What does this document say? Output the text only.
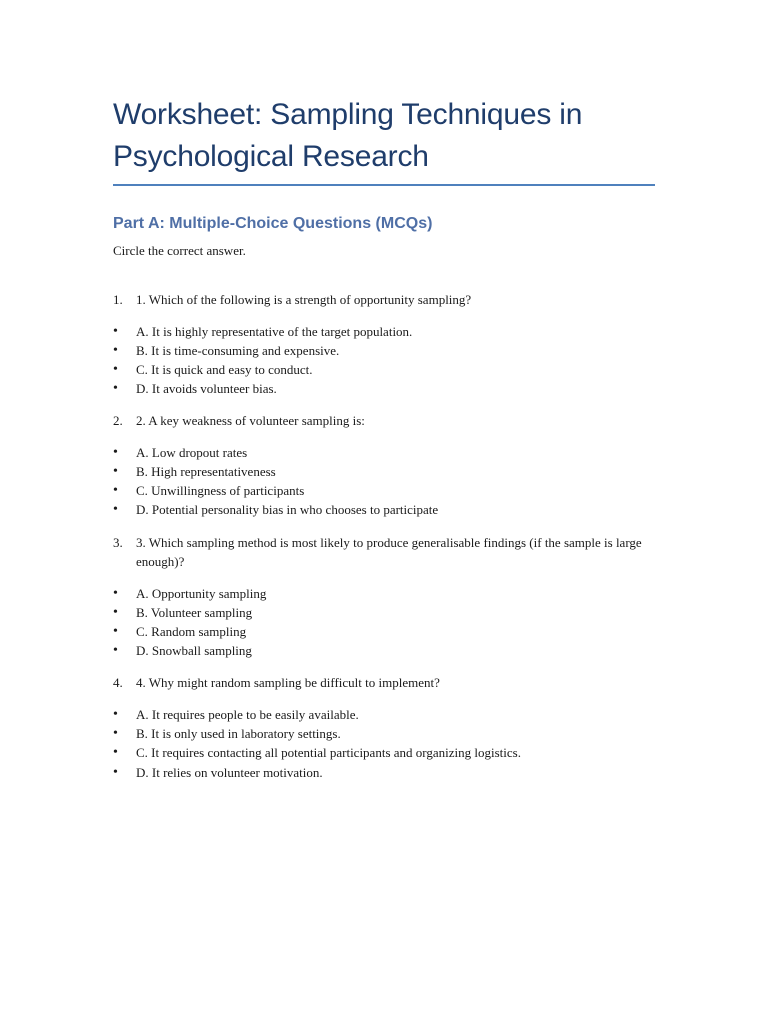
Worksheet: Sampling Techniques in Psychological Research
Part A: Multiple-Choice Questions (MCQs)

Circle the correct answer.

1.	1. Which of the following is a strength of opportunity sampling?
•	A. It is highly representative of the target population.
•	B. It is time-consuming and expensive.
•	C. It is quick and easy to conduct.
•	D. It avoids volunteer bias.
2.	2. A key weakness of volunteer sampling is:
•	A. Low dropout rates
•	B. High representativeness
•	C. Unwillingness of participants
•	D. Potential personality bias in who chooses to participate
3.	3. Which sampling method is most likely to produce generalisable findings (if the sample is large enough)?
•	A. Opportunity sampling
•	B. Volunteer sampling
•	C. Random sampling
•	D. Snowball sampling
4.	4. Why might random sampling be difficult to implement?
•	A. It requires people to be easily available.
•	B. It is only used in laboratory settings.
•	C. It requires contacting all potential participants and organizing logistics.
•	D. It relies on volunteer motivation.
